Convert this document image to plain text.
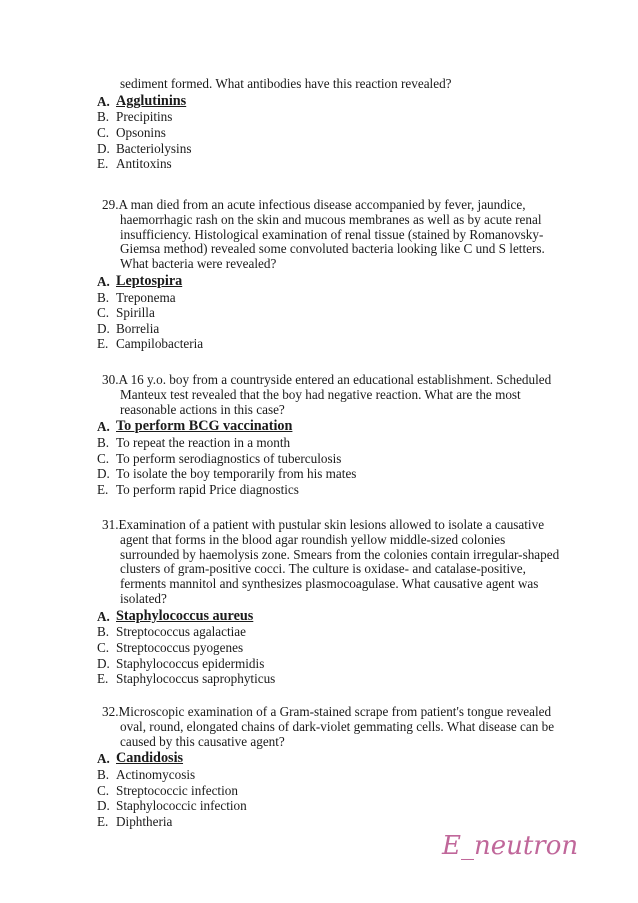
sediment formed. What antibodies have this reaction revealed?
A. Agglutinins
B. Precipitins
C. Opsonins
D. Bacteriolysins
E. Antitoxins
29.A man died from an acute infectious disease accompanied by fever, jaundice, haemorrhagic rash on the skin and mucous membranes as well as by acute renal insufficiency. Histological examination of renal tissue (stained by Romanovsky-Giemsa method) revealed some convoluted bacteria looking like C und S letters. What bacteria were revealed?
A. Leptospira
B. Treponema
C. Spirilla
D. Borrelia
E. Campilobacteria
30.A 16 y.o. boy from a countryside entered an educational establishment. Scheduled Manteux test revealed that the boy had negative reaction. What are the most reasonable actions in this case?
A. To perform BCG vaccination
B. To repeat the reaction in a month
C. To perform serodiagnostics of tuberculosis
D. To isolate the boy temporarily from his mates
E. To perform rapid Price diagnostics
31.Examination of a patient with pustular skin lesions allowed to isolate a causative agent that forms in the blood agar roundish yellow middle-sized colonies surrounded by haemolysis zone. Smears from the colonies contain irregular-shaped clusters of gram-positive cocci. The culture is oxidase- and catalase-positive, ferments mannitol and synthesizes plasmocoagulase. What causative agent was isolated?
A. Staphylococcus aureus
B. Streptococcus agalactiae
C. Streptococcus pyogenes
D. Staphylococcus epidermidis
E. Staphylococcus saprophyticus
32.Microscopic examination of a Gram-stained scrape from patient's tongue revealed oval, round, elongated chains of dark-violet gemmating cells. What disease can be caused by this causative agent?
A. Candidosis
B. Actinomycosis
C. Streptococcic infection
D. Staphylococcic infection
E. Diphtheria
E_neutron
